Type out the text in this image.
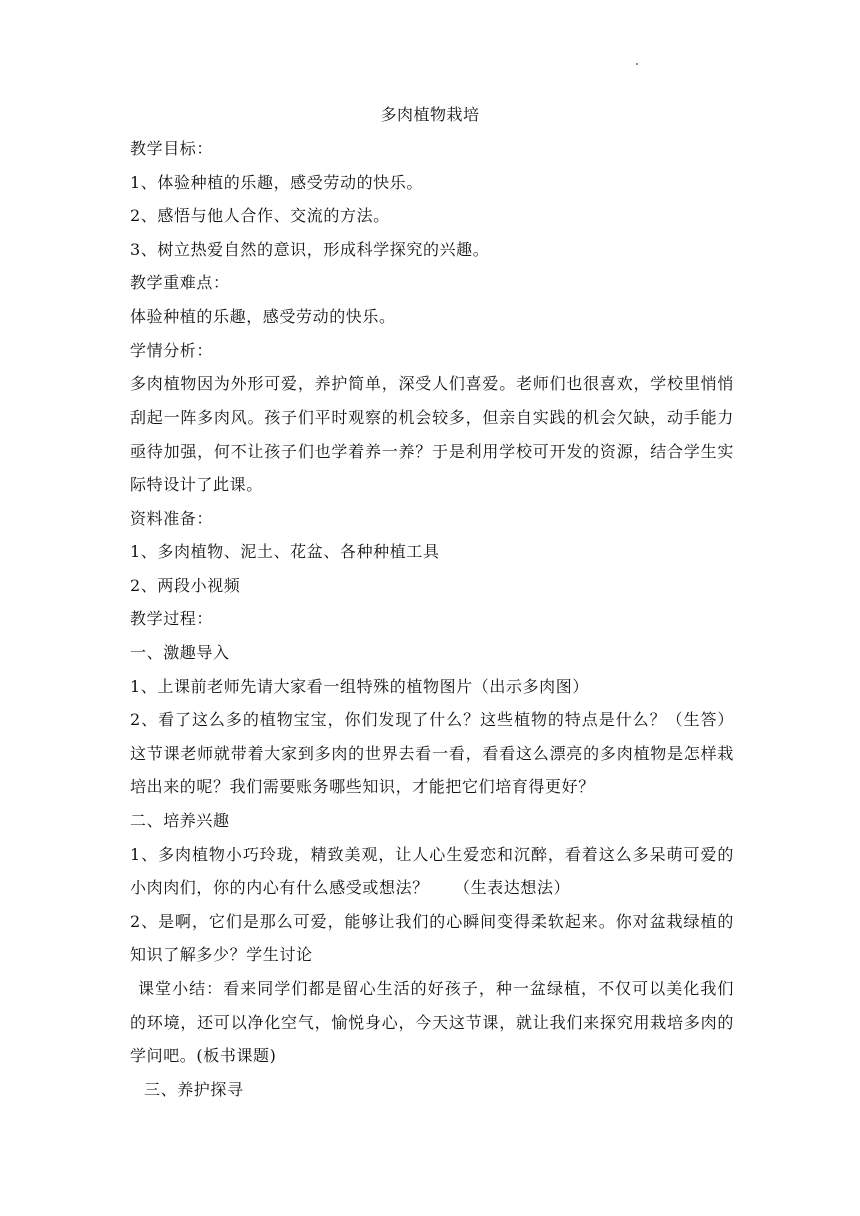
多肉植物栽培
教学目标：
1、体验种植的乐趣，感受劳动的快乐。
2、感悟与他人合作、交流的方法。
3、树立热爱自然的意识，形成科学探究的兴趣。
教学重难点：
体验种植的乐趣，感受劳动的快乐。
学情分析：
多肉植物因为外形可爱，养护简单，深受人们喜爱。老师们也很喜欢，学校里悄悄刮起一阵多肉风。孩子们平时观察的机会较多，但亲自实践的机会欠缺，动手能力亟待加强，何不让孩子们也学着养一养？于是利用学校可开发的资源，结合学生实际特设计了此课。
资料准备：
1、多肉植物、泥土、花盆、各种种植工具
2、两段小视频
教学过程：
一、激趣导入
1、上课前老师先请大家看一组特殊的植物图片（出示多肉图）
2、看了这么多的植物宝宝，你们发现了什么？这些植物的特点是什么？（生答）这节课老师就带着大家到多肉的世界去看一看，看看这么漂亮的多肉植物是怎样栽培出来的呢？我们需要账务哪些知识，才能把它们培育得更好？
二、培养兴趣
1、多肉植物小巧玲珑，精致美观，让人心生爱恋和沉醉，看着这么多呆萌可爱的小肉肉们，你的内心有什么感受或想法？　　（生表达想法）
2、是啊，它们是那么可爱，能够让我们的心瞬间变得柔软起来。你对盆栽绿植的知识了解多少？学生讨论
课堂小结：看来同学们都是留心生活的好孩子，种一盆绿植，不仅可以美化我们的环境，还可以净化空气，愉悦身心，今天这节课，就让我们来探究用栽培多肉的学问吧。(板书课题)
三、养护探寻
